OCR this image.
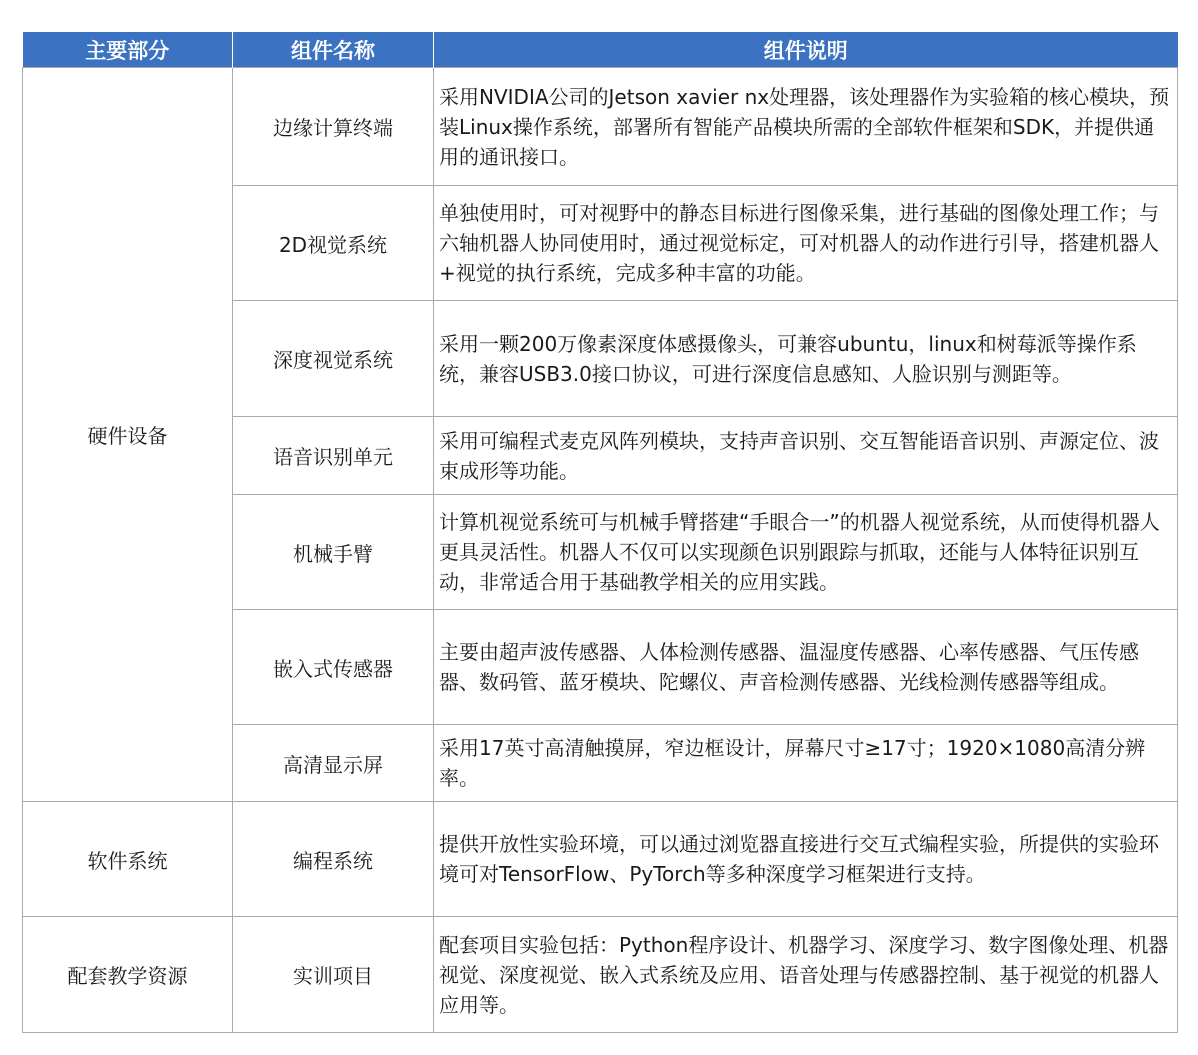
主要部分	组件名称	组件说明
硬件设备	边缘计算终端	采用NVIDIA公司的Jetson xavier nx处理器，该处理器作为实验箱的核心模块，预装Linux操作系统，部署所有智能产品模块所需的全部软件框架和SDK，并提供通用的通讯接口。
	2D视觉系统	单独使用时，可对视野中的静态目标进行图像采集，进行基础的图像处理工作；与六轴机器人协同使用时，通过视觉标定，可对机器人的动作进行引导，搭建机器人+视觉的执行系统，完成多种丰富的功能。
	深度视觉系统	采用一颗200万像素深度体感摄像头，可兼容ubuntu，linux和树莓派等操作系统，兼容USB3.0接口协议，可进行深度信息感知、人脸识别与测距等。
	语音识别单元	采用可编程式麦克风阵列模块，支持声音识别、交互智能语音识别、声源定位、波束成形等功能。
	机械手臂	计算机视觉系统可与机械手臂搭建“手眼合一”的机器人视觉系统，从而使得机器人更具灵活性。机器人不仅可以实现颜色识别跟踪与抓取，还能与人体特征识别互动，非常适合用于基础教学相关的应用实践。
	嵌入式传感器	主要由超声波传感器、人体检测传感器、温湿度传感器、心率传感器、气压传感器、数码管、蓝牙模块、陀螺仪、声音检测传感器、光线检测传感器等组成。
	高清显示屏	采用17英寸高清触摸屏，窄边框设计，屏幕尺寸≥17寸；1920×1080高清分辨率。
软件系统	编程系统	提供开放性实验环境，可以通过浏览器直接进行交互式编程实验，所提供的实验环境可对TensorFlow、PyTorch等多种深度学习框架进行支持。
配套教学资源	实训项目	配套项目实验包括：Python程序设计、机器学习、深度学习、数字图像处理、机器视觉、深度视觉、嵌入式系统及应用、语音处理与传感器控制、基于视觉的机器人应用等。
